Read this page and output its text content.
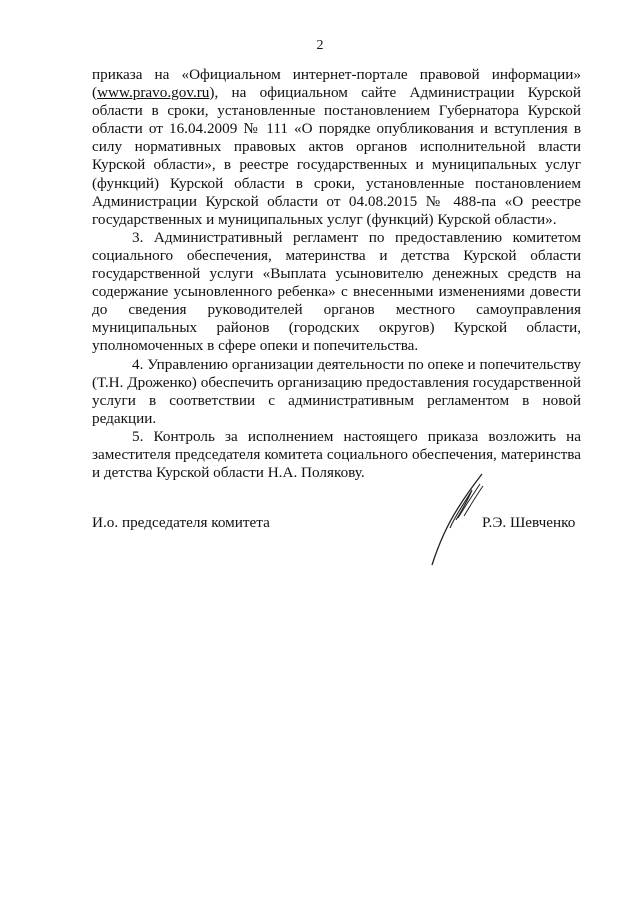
2

приказа на «Официальном интернет-портале правовой информации» (www.pravo.gov.ru), на официальном сайте Администрации Курской области в сроки, установленные постановлением Губернатора Курской области от 16.04.2009 № 111 «О порядке опубликования и вступления в силу нормативных правовых актов органов исполнительной власти Курской области», в реестре государственных и муниципальных услуг (функций) Курской области в сроки, установленные постановлением Администрации Курской области от 04.08.2015 № 488-па «О реестре государственных и муниципальных услуг (функций) Курской области».

3. Административный регламент по предоставлению комитетом социального обеспечения, материнства и детства Курской области государственной услуги «Выплата усыновителю денежных средств на содержание усыновленного ребенка» с внесенными изменениями довести до сведения руководителей органов местного самоуправления муниципальных районов (городских округов) Курской области, уполномоченных в сфере опеки и попечительства.

4. Управлению организации деятельности по опеке и попечительству (Т.Н. Дроженко) обеспечить организацию предоставления государственной услуги в соответствии с административным регламентом в новой редакции.

5. Контроль за исполнением настоящего приказа возложить на заместителя председателя комитета социального обеспечения, материнства и детства Курской области Н.А. Полякову.

И.о. председателя комитета	Р.Э. Шевченко
